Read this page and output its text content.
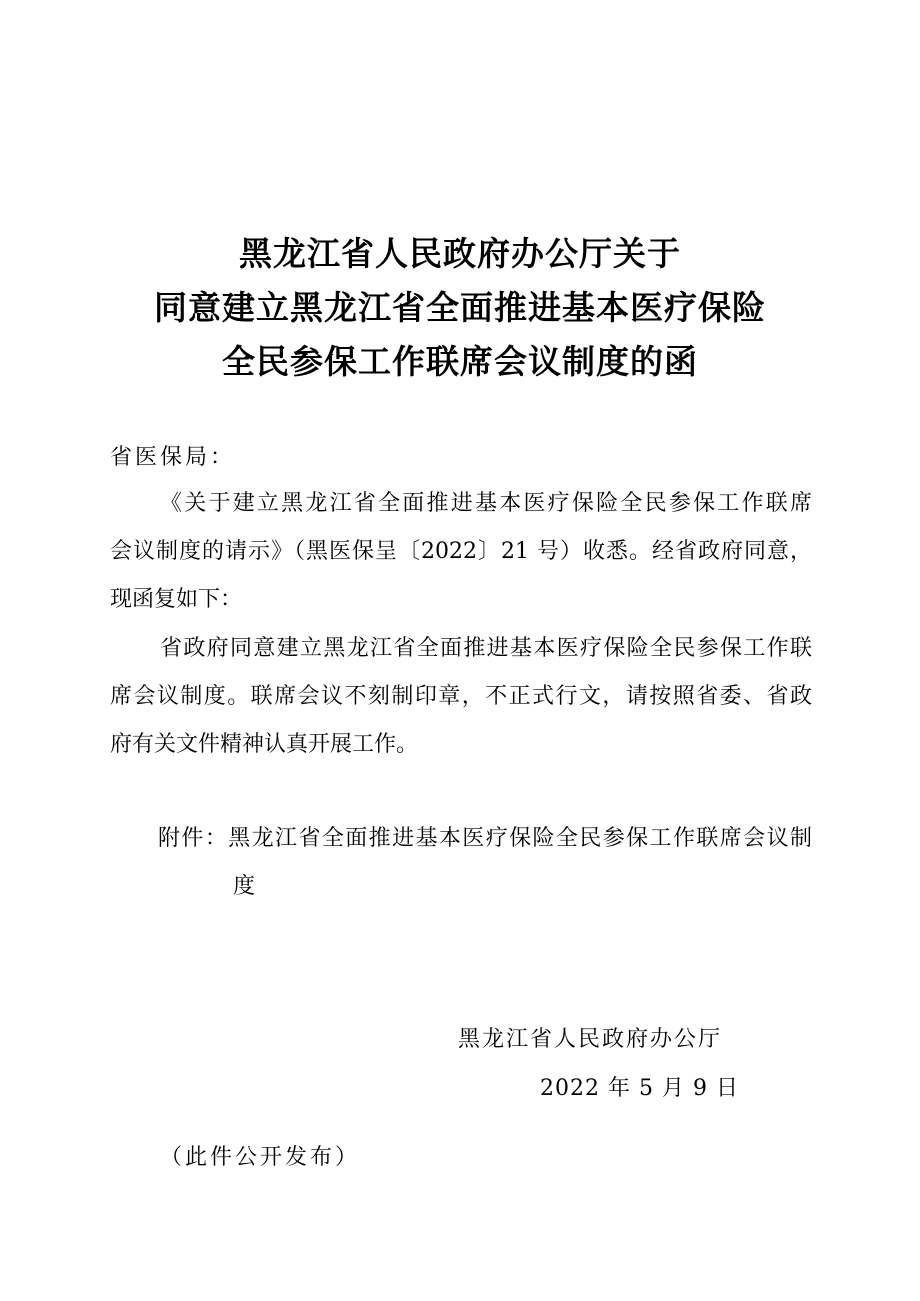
黑龙江省人民政府办公厅关于
同意建立黑龙江省全面推进基本医疗保险
全民参保工作联席会议制度的函
省医保局：
《关于建立黑龙江省全面推进基本医疗保险全民参保工作联席
会议制度的请示》（黑医保呈〔2022〕21 号）收悉。经省政府同意，
现函复如下：
省政府同意建立黑龙江省全面推进基本医疗保险全民参保工作联
席会议制度。联席会议不刻制印章，不正式行文，请按照省委、省政
府有关文件精神认真开展工作。
附件：黑龙江省全面推进基本医疗保险全民参保工作联席会议制
度
黑龙江省人民政府办公厅
2022 年 5 月 9 日
（此件公开发布）
